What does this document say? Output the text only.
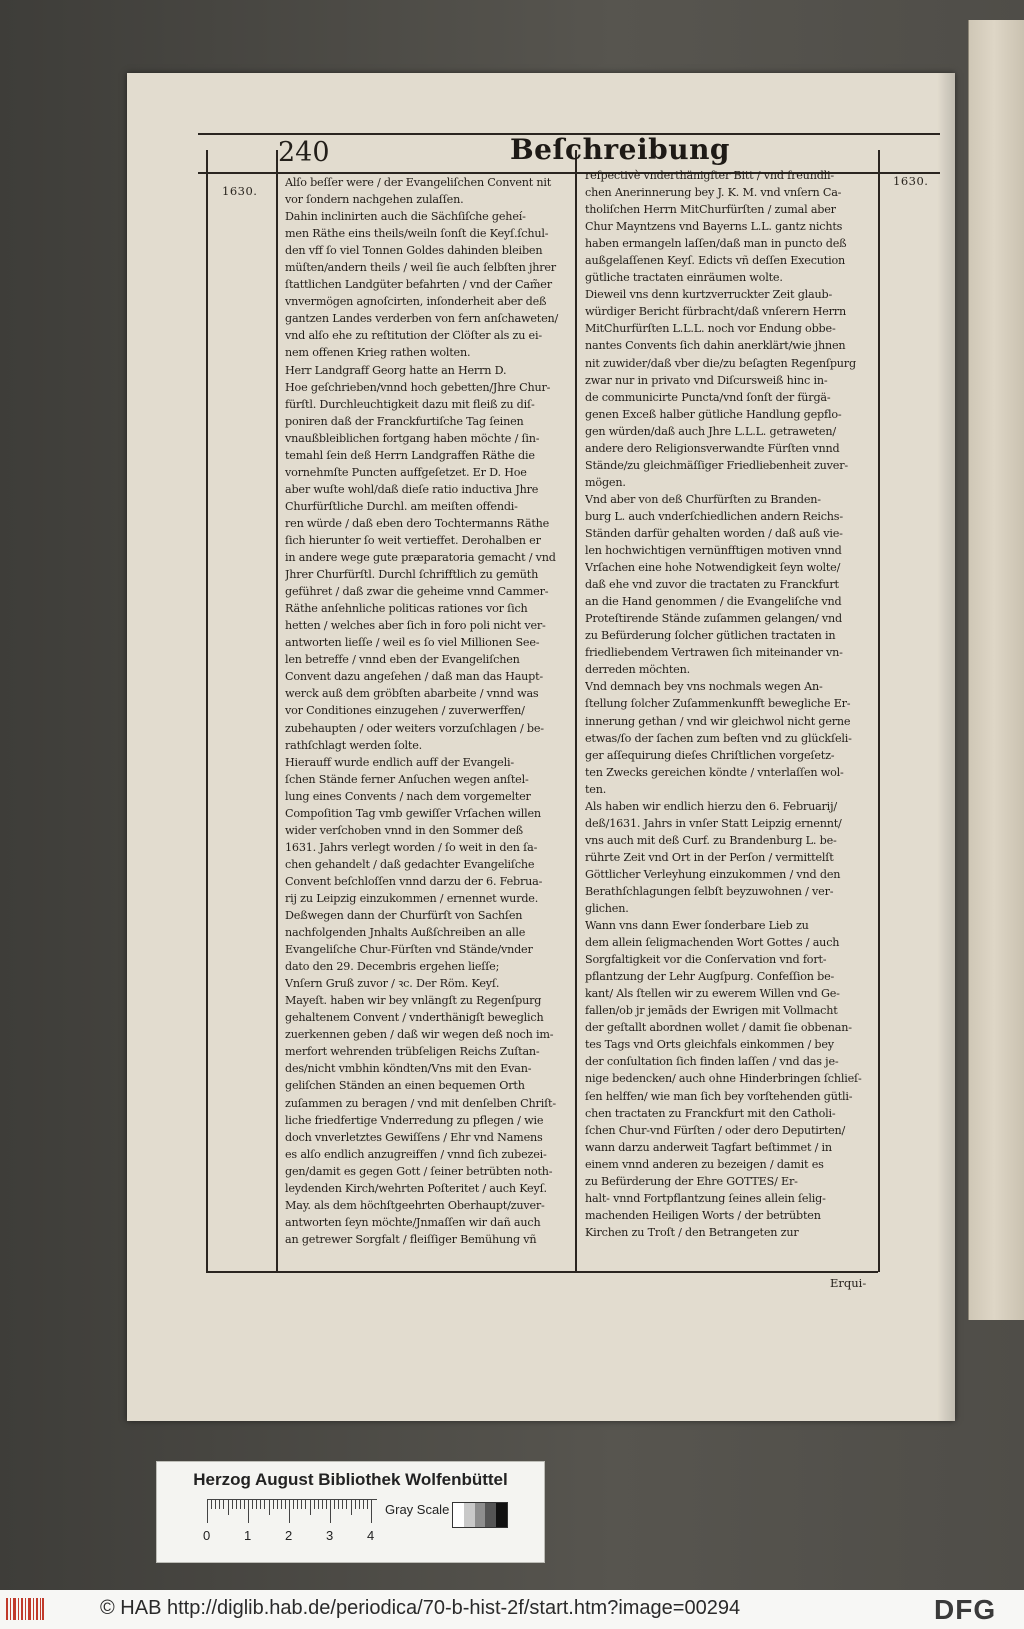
240	Beſchreibung
1630.
1630.
Alſo beſſer were / der Evangeliſchen Convent nit
vor ſondern nachgehen zulaſſen.
Dahin inclinirten auch die Sächſiſche geheí-
men Räthe eins theils/weiln ſonſt die Keyſ.ſchul-
den vff ſo viel Tonnen Goldes dahinden bleiben
müſten/andern theils / weil ſie auch ſelbſten jhrer
ſtattlichen Landgüter befahrten / vnd der Cam̃er
vnvermögen agnoſcirten, inſonderheit aber deß
gantzen Landes verderben von fern anſchaweten/
vnd alſo ehe zu reſtitution der Clöſter als zu ei-
nem offenen Krieg rathen wolten.
Herr Landgraff Georg hatte an Herrn D.
Hoe geſchrieben/vnnd hoch gebetten/Jhre Chur-
fürſtl. Durchleuchtigkeit dazu mit fleiß zu diſ-
poniren daß der Franckfurtiſche Tag ſeinen
vnaußbleiblichen fortgang haben möchte / ſin-
temahl ſein deß Herrn Landgraffen Räthe die
vornehmſte Puncten auffgeſetzet. Er D. Hoe
aber wuſte wohl/daß dieſe ratio inductiva Jhre
Churfürſtliche Durchl. am meiſten offendi-
ren würde / daß eben dero Tochtermanns Räthe
ſich hierunter ſo weit vertieffet. Derohalben er
in andere wege gute præparatoria gemacht / vnd
Jhrer Churfürſtl. Durchl ſchrifftlich zu gemüth
geführet / daß zwar die geheime vnnd Cammer-
Räthe anſehnliche politicas rationes vor ſich
hetten / welches aber ſich in foro poli nicht ver-
antworten lieſſe / weil es ſo viel Millionen See-
len betreffe / vnnd eben der Evangeliſchen
Convent dazu angeſehen / daß man das Haupt-
werck auß dem gröbſten abarbeite / vnnd was
vor Conditiones einzugehen / zuverwerffen/
zubehaupten / oder weiters vorzuſchlagen / be-
rathſchlagt werden ſolte.
Hierauff wurde endlich auff der Evangeli-
ſchen Stände ferner Anſuchen wegen anſtel-
lung eines Convents / nach dem vorgemelter
Compoſition Tag vmb gewiſſer Vrſachen willen
wider verſchoben vnnd in den Sommer deß
1631. Jahrs verlegt worden / ſo weit in den ſa-
chen gehandelt / daß gedachter Evangeliſche
Convent beſchloſſen vnnd darzu der 6. Februa-
rij zu Leipzig einzukommen / ernennet wurde.
Deßwegen dann der Churfürſt von Sachſen
nachfolgenden Jnhalts Außſchreiben an alle
Evangeliſche Chur-Fürſten vnd Stände/vnder
dato den 29. Decembris ergehen lieſſe;
Vnſern Gruß zuvor / ꝛc. Der Röm. Keyſ.
Mayeſt. haben wir bey vnlängſt zu Regenſpurg
gehaltenem Convent / vnderthänigſt beweglich
zuerkennen geben / daß wir wegen deß noch im-
merfort wehrenden trübſeligen Reichs Zuſtan-
des/nicht vmbhin köndten/Vns mit den Evan-
geliſchen Ständen an einen bequemen Orth
zuſammen zu beragen / vnd mit denſelben Chriſt-
liche friedfertige Vnderredung zu pflegen / wie
doch vnverletztes Gewiſſens / Ehr vnd Namens
es alſo endlich anzugreiffen / vnnd ſich zubezei-
gen/damit es gegen Gott / ſeiner betrübten noth-
leydenden Kirch/wehrten Poſteritet / auch Keyſ.
May. als dem höchſtgeehrten Oberhaupt/zuver-
antworten ſeyn möchte/Jnmaſſen wir dañ auch
an getrewer Sorgfalt / fleiſſiger Bemühung vñ
reſpectivè vnderthänigſter Bitt / vnd freundli-
chen Anerinnerung bey J. K. M. vnd vnſern Ca-
tholiſchen Herrn MitChurfürſten / zumal aber
Chur Mayntzens vnd Bayerns L.L. gantz nichts
haben ermangeln laſſen/daß man in puncto deß
außgelaſſenen Keyſ. Edicts vñ deſſen Execution
gütliche tractaten einräumen wolte.
Dieweil vns denn kurtzverruckter Zeit glaub-
würdiger Bericht fürbracht/daß vnſerern Herrn
MitChurfürſten L.L.L. noch vor Endung obbe-
nantes Convents ſich dahin anerklärt/wie jhnen
nit zuwider/daß vber die/zu beſagten Regenſpurg
zwar nur in privato vnd Diſcursweiß hinc in-
de communicirte Puncta/vnd ſonſt der fürgä-
genen Exceß halber gütliche Handlung gepflo-
gen würden/daß auch Jhre L.L.L. getraweten/
andere dero Religionsverwandte Fürſten vnnd
Stände/zu gleichmäſſiger Friedliebenheit zuver-
mögen.
Vnd aber von deß Churfürſten zu Branden-
burg L. auch vnderſchiedlichen andern Reichs-
Ständen darfür gehalten worden / daß auß vie-
len hochwichtigen vernünfftigen motiven vnnd
Vrſachen eine hohe Notwendigkeit ſeyn wolte/
daß ehe vnd zuvor die tractaten zu Franckfurt
an die Hand genommen / die Evangeliſche vnd
Proteſtirende Stände zuſammen gelangen/ vnd
zu Befürderung ſolcher gütlichen tractaten in
friedliebendem Vertrawen ſich miteinander vn-
derreden möchten.
Vnd demnach bey vns nochmals wegen An-
ſtellung ſolcher Zuſammenkunfft bewegliche Er-
innerung gethan / vnd wir gleichwol nicht gerne
etwas/ſo der ſachen zum beſten vnd zu glückſeli-
ger aſſequirung dieſes Chriſtlichen vorgeſetz-
ten Zwecks gereichen köndte / vnterlaſſen wol-
ten.
Als haben wir endlich hierzu den 6. Februarij/
deß/1631. Jahrs in vnſer Statt Leipzig ernennt/
vns auch mit deß Curf. zu Brandenburg L. be-
rührte Zeit vnd Ort in der Perſon / vermittelſt
Göttlicher Verleyhung einzukommen / vnd den
Berathſchlagungen ſelbſt beyzuwohnen / ver-
glichen.
Wann vns dann Ewer ſonderbare Lieb zu
dem allein ſeligmachenden Wort Gottes / auch
Sorgfaltigkeit vor die Conſervation vnd fort-
pflantzung der Lehr Augſpurg. Confeſſion be-
kant/ Als ſtellen wir zu ewerem Willen vnd Ge-
fallen/ob jr jemāds der Ewrigen mit Vollmacht
der geſtallt abordnen wollet / damit ſie obbenan-
tes Tags vnd Orts gleichfals einkommen / bey
der conſultation ſich finden laſſen / vnd das je-
nige bedencken/ auch ohne Hinderbringen ſchlieſ-
ſen helffen/ wie man ſich bey vorſtehenden gütli-
chen tractaten zu Franckfurt mit den Catholi-
ſchen Chur-vnd Fürſten / oder dero Deputirten/
wann darzu anderweit Tagfart beſtimmet / in
einem vnnd anderen zu bezeigen / damit es
zu Befürderung der Ehre GOTTES/ Er-
halt- vnnd Fortpflantzung ſeines allein ſelig-
machenden Heiligen Worts / der betrübten
Kirchen zu Troſt / den Betrangeten zur
Erqui-
Herzog August Bibliothek Wolfenbüttel
0	1	2	3	4
Gray Scale
© HAB http://diglib.hab.de/periodica/70-b-hist-2f/start.htm?image=00294	DFG
